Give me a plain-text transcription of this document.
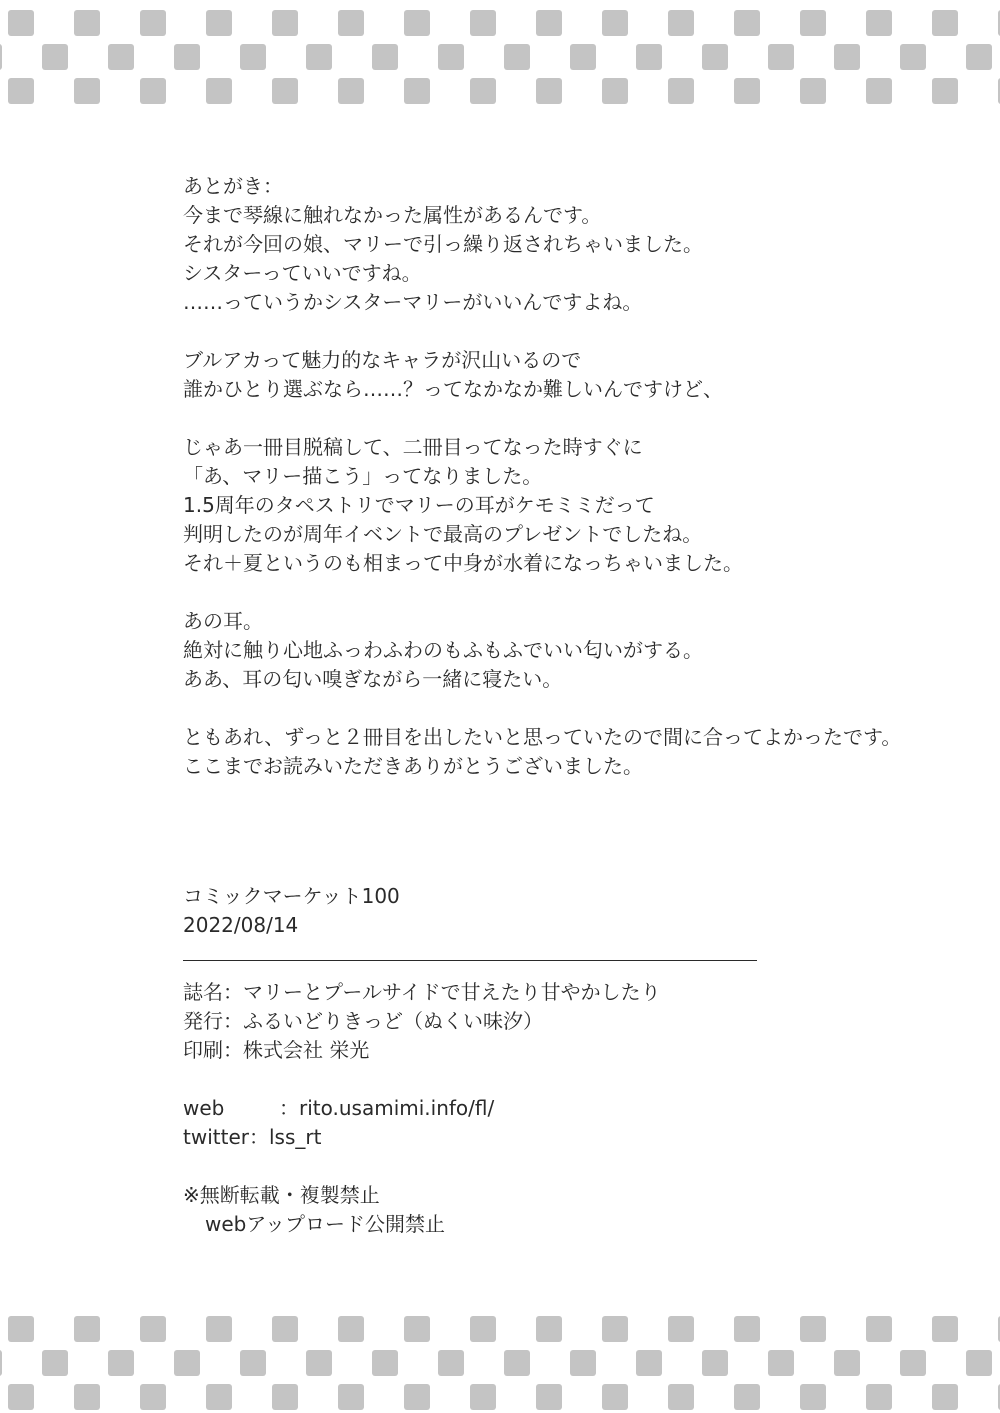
あとがき：
今まで琴線に触れなかった属性があるんです。
それが今回の娘、マリーで引っ繰り返されちゃいました。
シスターっていいですね。
……っていうかシスターマリーがいいんですよね。
ブルアカって魅力的なキャラが沢山いるので
誰かひとり選ぶなら……？ってなかなか難しいんですけど、
じゃあ一冊目脱稿して、二冊目ってなった時すぐに
「あ、マリー描こう」ってなりました。
1.5周年のタペストリでマリーの耳がケモミミだって
判明したのが周年イベントで最高のプレゼントでしたね。
それ＋夏というのも相まって中身が水着になっちゃいました。
あの耳。
絶対に触り心地ふっわふわのもふもふでいい匂いがする。
ああ、耳の匂い嗅ぎながら一緒に寝たい。
ともあれ、ずっと２冊目を出したいと思っていたので間に合ってよかったです。
ここまでお読みいただきありがとうございました。
コミックマーケット100
2022/08/14
誌名：マリーとプールサイドで甘えたり甘やかしたり
発行：ふるいどりきっど（ぬくい味汐）
印刷：株式会社 栄光
web	：rito.usamimi.info/fl/
twitter：lss_rt
※無断転載・複製禁止
webアップロード公開禁止
